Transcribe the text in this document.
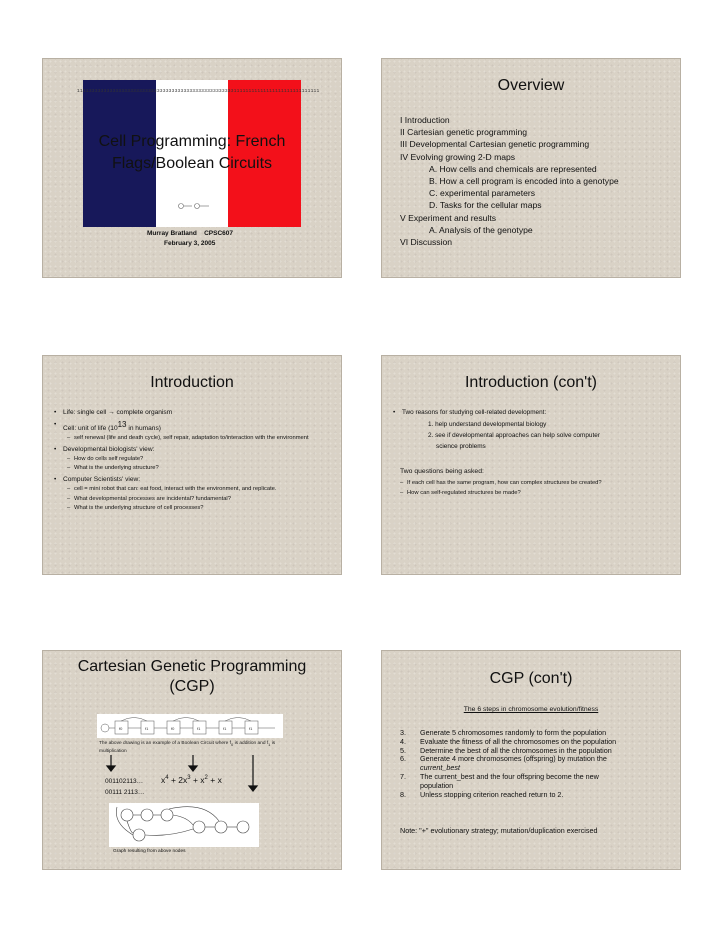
1111333333333333333333333333333333333333333333333333311111111111111111111111111111
Cell Programming: French
Flags/Boolean Circuits
Murray Bratland CPSC607
February 3, 2005
Overview
I Introduction
II Cartesian genetic programming
III Developmental Cartesian genetic programming
IV Evolving growing 2-D maps
A. How cells and chemicals are represented
B. How a cell program is encoded into a genotype
C. experimental parameters
D. Tasks for the cellular maps
V Experiment and results
A. Analysis of the genotype
VI Discussion
Introduction
• Life: single cell → complete organism
• Cell: unit of life ($10^{13}$ in humans)
– self renewal (life and death cycle), self repair, adaptation to/interaction with the environment
• Developmental biologists' view:
– How do cells self regulate?
– What is the underlying structure?
• Computer Scientists' view:
– cell = mini robot that can: eat food, interact with the environment, and replicate.
– What developmental processes are incidental? fundamental?
– What is the underlying structure of cell processes?
Introduction (con't)
• Two reasons for studying cell-related development:
1. help understand developmental biology
2. see if developmental approaches can help solve computer
science problems
Two questions being asked:
– If each cell has the same program, how can complex structures be created?
– How can self-regulated structures be made?
Cartesian Genetic Programming
(CGP)
f0	f1	f0	f1	f1	f1
The above drawing is an example of a Boolean Circuit where $f_0$ is addition and $f_1$ is multiplication
001102113…
00111 2113…
$x^4 + 2x^3 + x^2 + x$
Graph resulting from above nodes
CGP (con't)
The 6 steps in chromosome evolution/fitness
3.	Generate 5 chromosomes randomly to form the population
4.	Evaluate the fitness of all the chromosomes on the population
5.	Determine the best of all the chromosomes in the population
6.	Generate 4 more chromosomes (offspring) by mutation the
current_best
7.	The current_best and the four offspring become the new
population
8.	Unless stopping criterion reached return to 2.
Note: "+" evolutionary strategy; mutation/duplication exercised
